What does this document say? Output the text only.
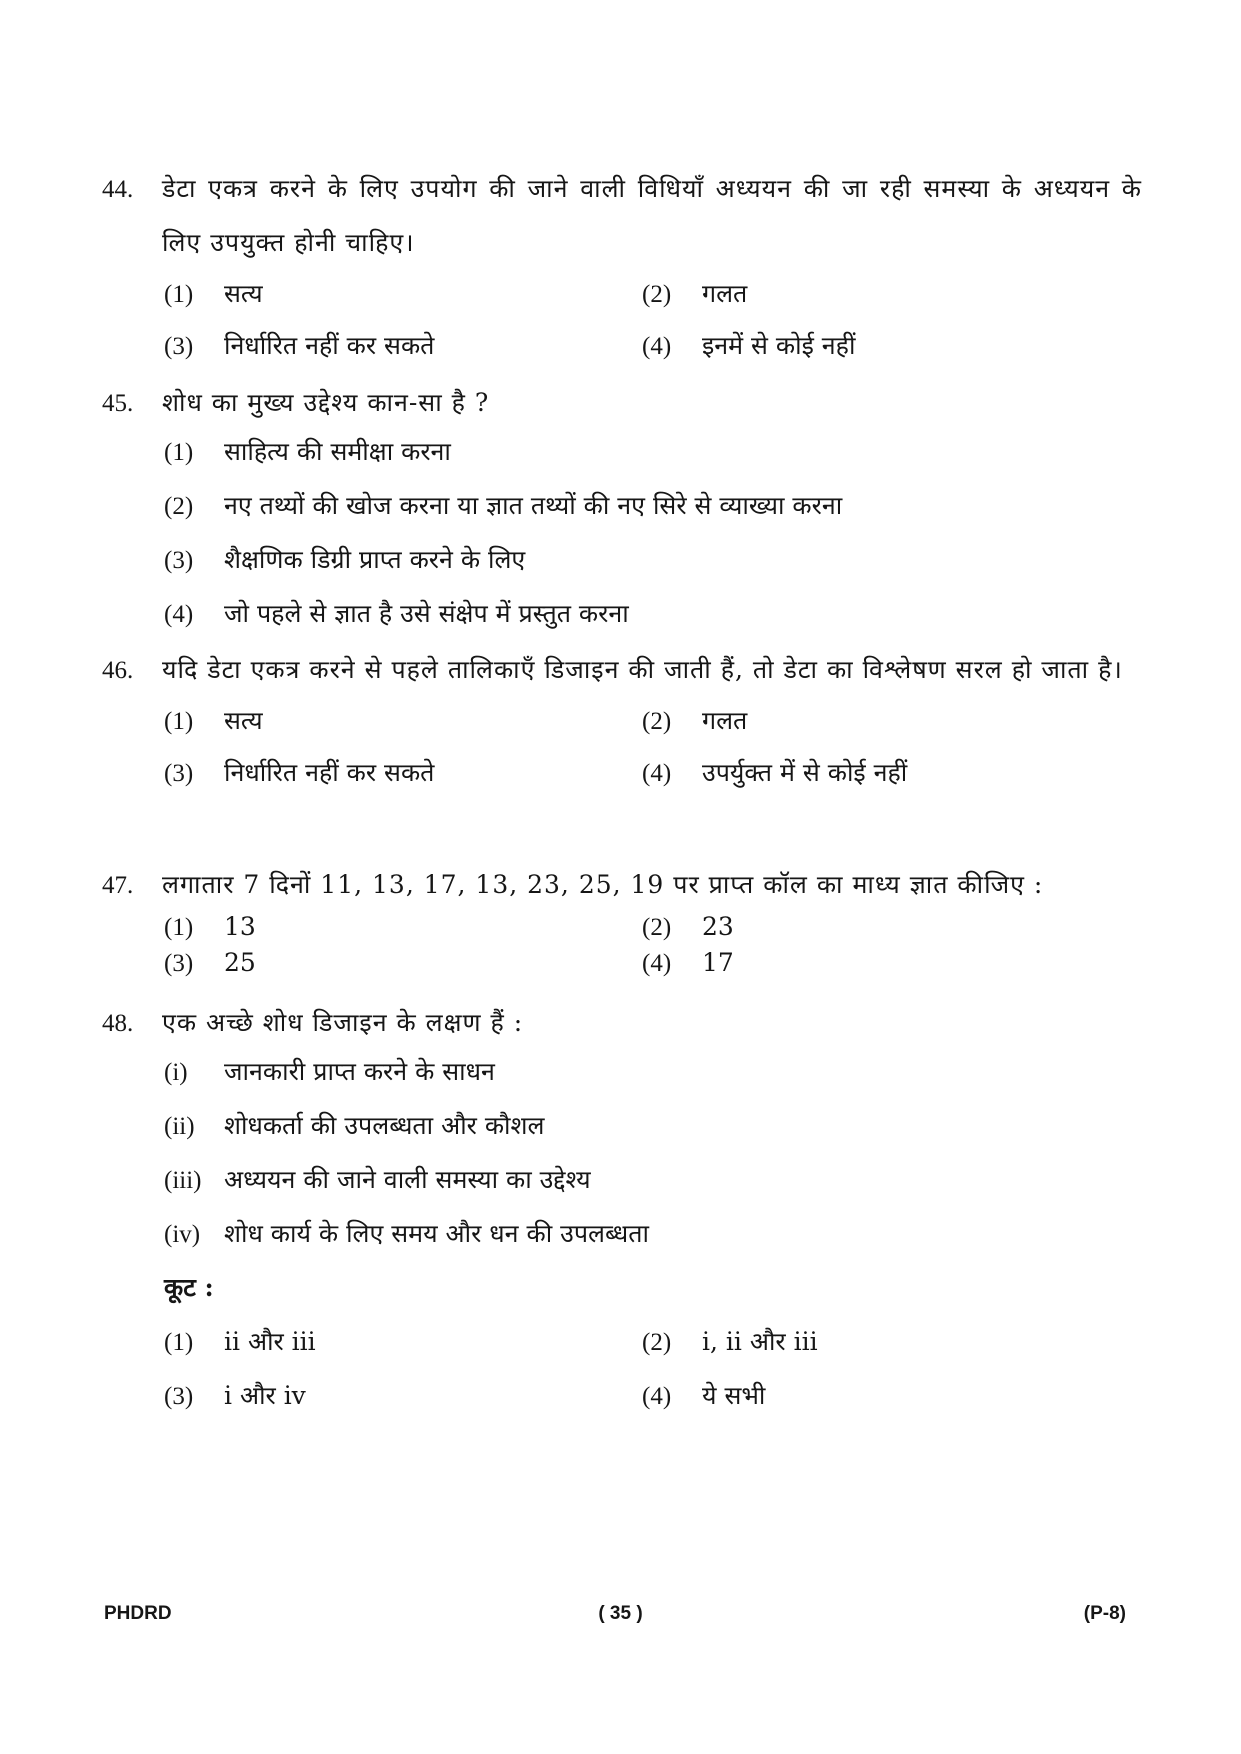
44.	डेटा एकत्र करने के लिए उपयोग की जाने वाली विधियाँ अध्ययन की जा रही समस्या के अध्ययन के लिए उपयुक्त होनी चाहिए।
(1)	सत्य	(2)	गलत
(3)	निर्धारित नहीं कर सकते	(4)	इनमें से कोई नहीं
45.	शोध का मुख्य उद्देश्य कान-सा है ?
(1)	साहित्य की समीक्षा करना
(2)	नए तथ्यों की खोज करना या ज्ञात तथ्यों की नए सिरे से व्याख्या करना
(3)	शैक्षणिक डिग्री प्राप्त करने के लिए
(4)	जो पहले से ज्ञात है उसे संक्षेप में प्रस्तुत करना
46.	यदि डेटा एकत्र करने से पहले तालिकाएँ डिजाइन की जाती हैं, तो डेटा का विश्लेषण सरल हो जाता है।
(1)	सत्य	(2)	गलत
(3)	निर्धारित नहीं कर सकते	(4)	उपर्युक्त में से कोई नहीं
47.	लगातार 7 दिनों 11, 13, 17, 13, 23, 25, 19 पर प्राप्त कॉल का माध्य ज्ञात कीजिए :
(1)	13	(2)	23
(3)	25	(4)	17
48.	एक अच्छे शोध डिजाइन के लक्षण हैं :
(i)	जानकारी प्राप्त करने के साधन
(ii)	शोधकर्ता की उपलब्धता और कौशल
(iii) अध्ययन की जाने वाली समस्या का उद्देश्य
(iv) शोध कार्य के लिए समय और धन की उपलब्धता
कूट :
(1)	ii और iii	(2)	i, ii और iii
(3)	i और iv	(4)	ये सभी
PHDRD	( 35 )	(P-8)
